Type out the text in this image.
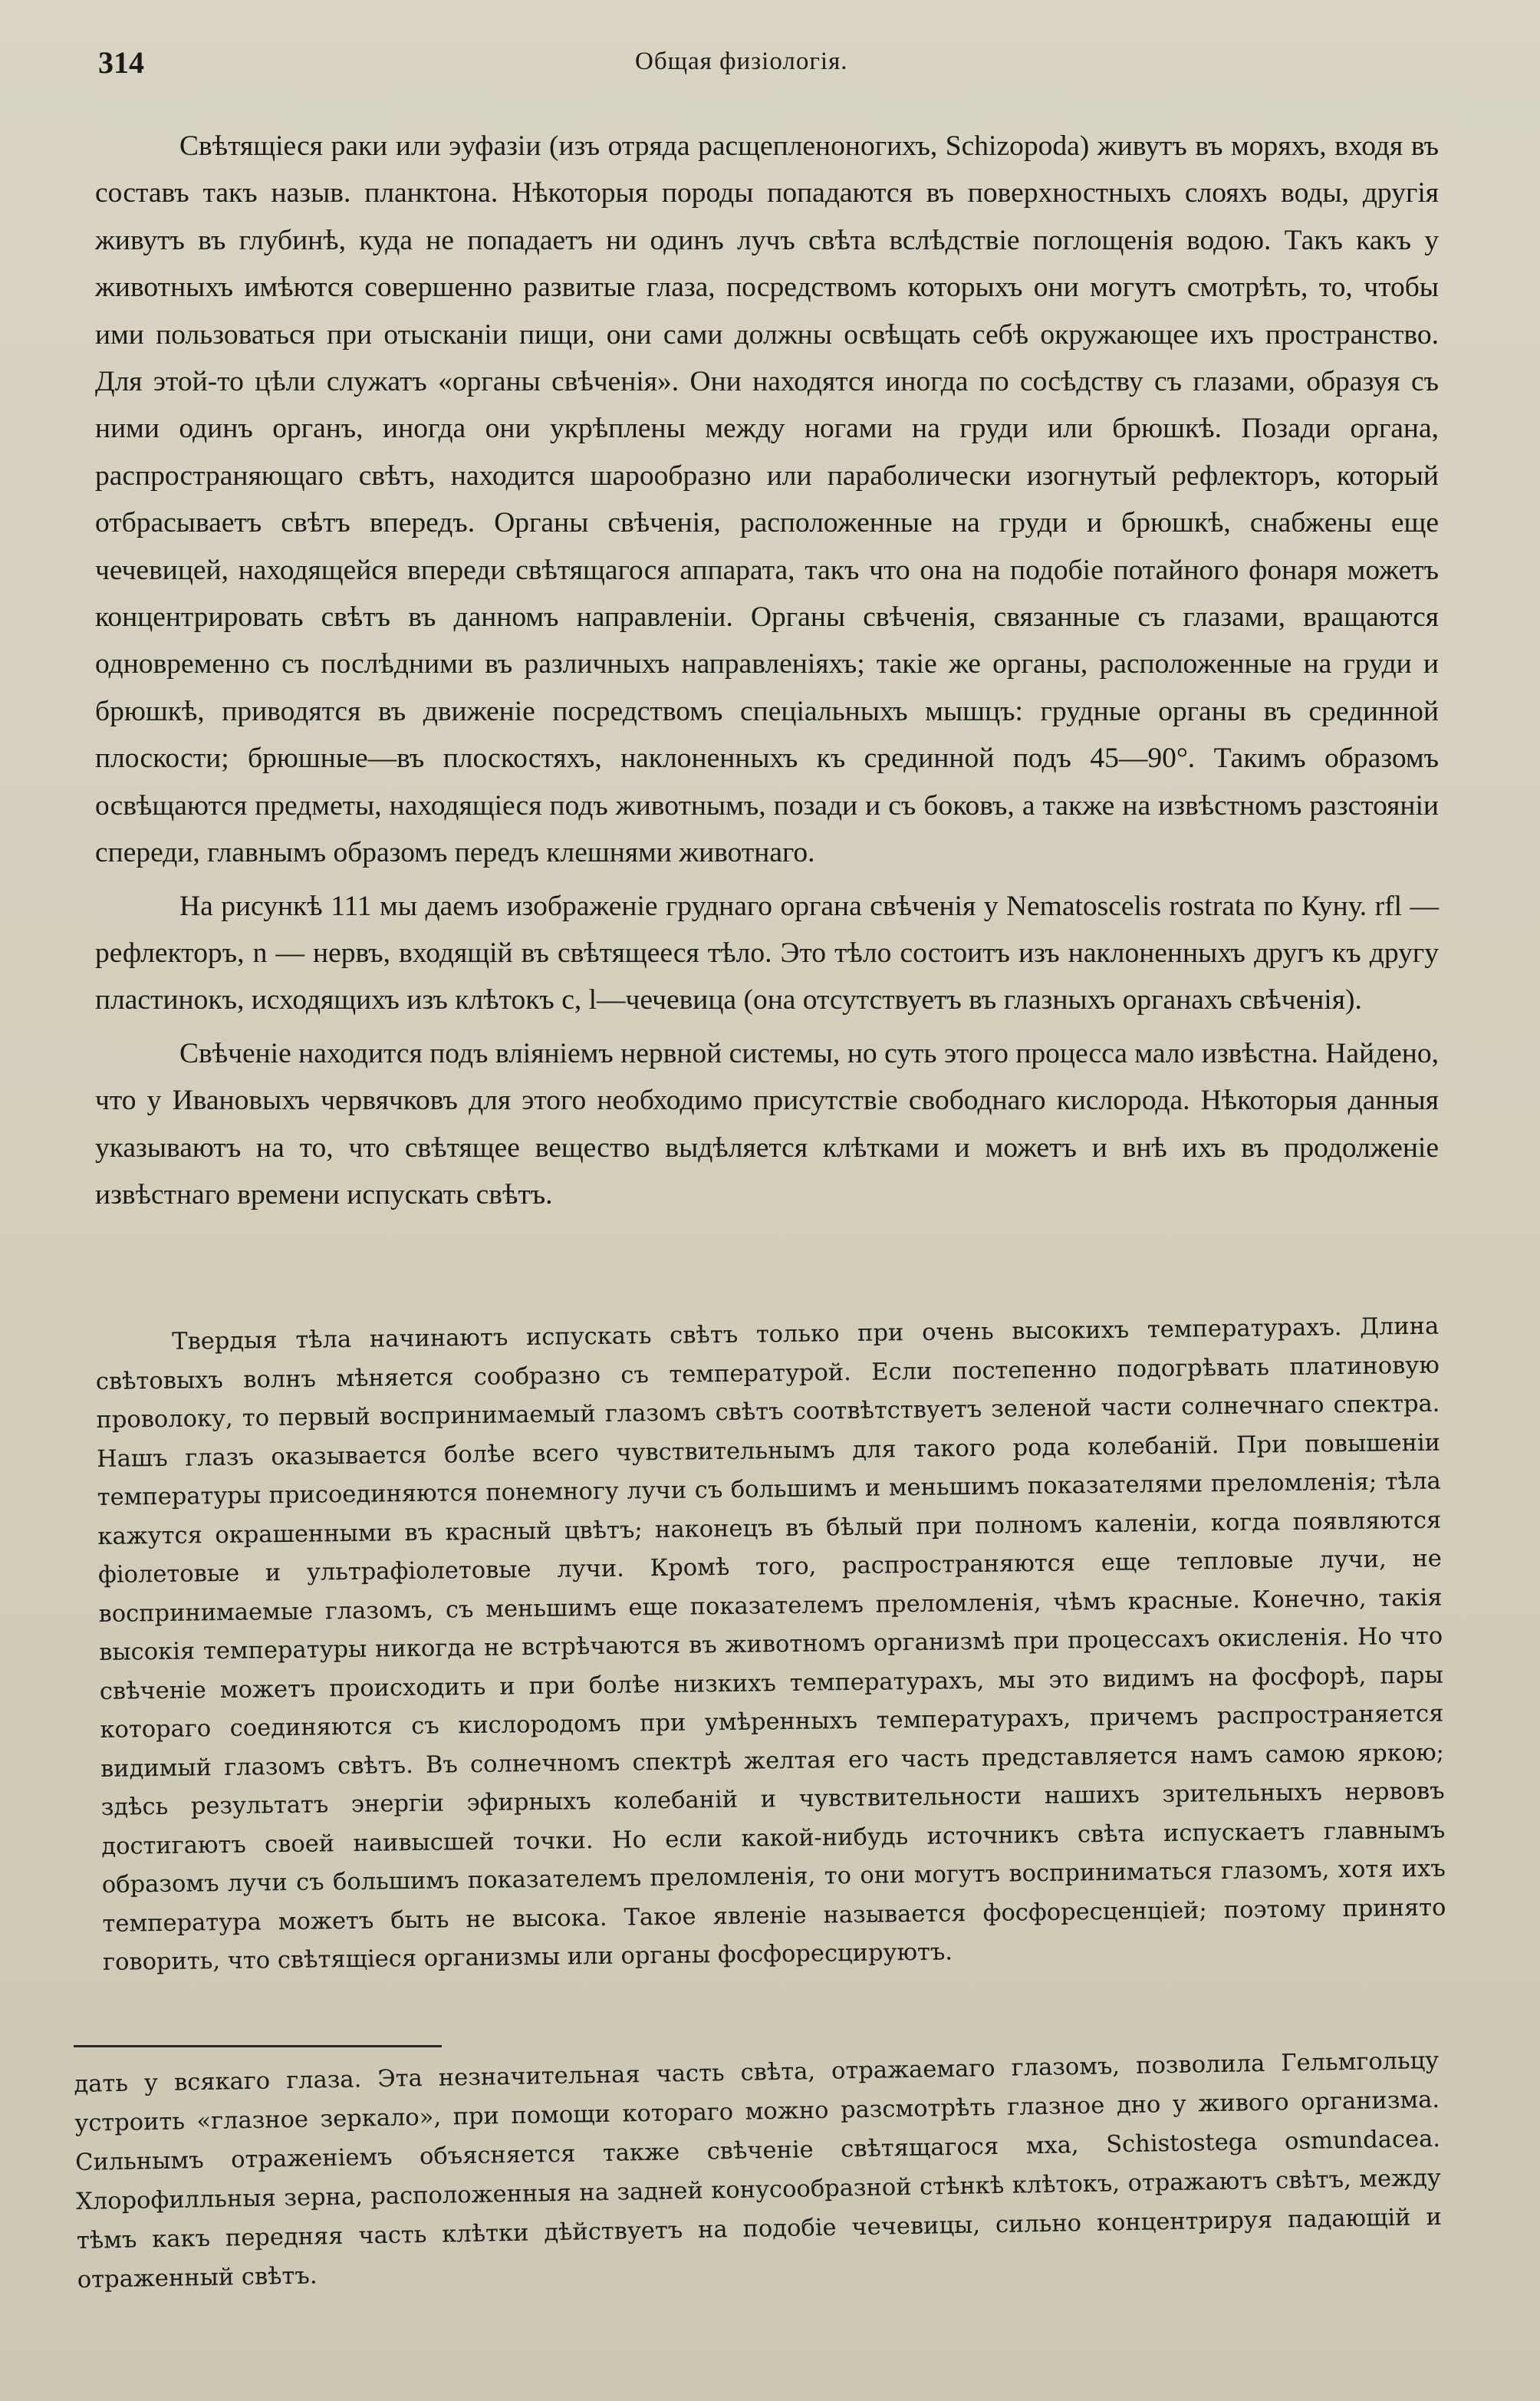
314	Общая физiологiя.

Свѣтящiеся раки или эуфазiи (изъ отряда расщепленоногихъ, Schizopoda) живутъ въ моряхъ, входя въ составъ такъ назыв. планктона. Нѣкоторыя породы попадаются въ поверхностныхъ слояхъ воды, другiя живутъ въ глубинѣ, куда не попадаетъ ни одинъ лучъ свѣта вслѣдствiе поглощенiя водою. Такъ какъ у животныхъ имѣются совершенно развитые глаза, посредствомъ которыхъ они могутъ смотрѣть, то, чтобы ими пользоваться при отысканiи пищи, они сами должны освѣщать себѣ окружающее ихъ пространство. Для этой-то цѣли служатъ «органы свѣченiя». Они находятся иногда по сосѣдству съ глазами, образуя съ ними одинъ органъ, иногда они укрѣплены между ногами на груди или брюшкѣ. Позади органа, распространяющаго свѣтъ, находится шарообразно или параболически изогнутый рефлекторъ, который отбрасываетъ свѣтъ впередъ. Органы свѣченiя, расположенные на груди и брюшкѣ, снабжены еще чечевицей, находящейся впереди свѣтящагося аппарата, такъ что она на подобiе потайного фонаря можетъ концентрировать свѣтъ въ данномъ направленiи. Органы свѣченiя, связанные съ глазами, вращаются одновременно съ послѣдними въ различныхъ направленiяхъ; такiе же органы, расположенные на груди и брюшкѣ, приводятся въ движенiе посредствомъ спецiальныхъ мышцъ: грудные органы въ срединной плоскости; брюшные—въ плоскостяхъ, наклоненныхъ къ срединной подъ 45—90°. Такимъ образомъ освѣщаются предметы, находящiеся подъ животнымъ, позади и съ боковъ, а также на извѣстномъ разстоянiи спереди, главнымъ образомъ передъ клешнями животнаго.

На рисункѣ 111 мы даемъ изображенiе груднаго органа свѣченiя у Nematoscelis rostrata по Куну. rfl — рефлекторъ, n — нервъ, входящiй въ свѣтящееся тѣло. Это тѣло состоитъ изъ наклоненныхъ другъ къ другу пластинокъ, исходящихъ изъ клѣтокъ c, l—чечевица (она отсутствуетъ въ глазныхъ органахъ свѣченiя).

Свѣченiе находится подъ влiянiемъ нервной системы, но суть этого процесса мало извѣстна. Найдено, что у Ивановыхъ червячковъ для этого необходимо присутствiе свободнаго кислорода. Нѣкоторыя данныя указываютъ на то, что свѣтящее вещество выдѣляется клѣтками и можетъ и внѣ ихъ въ продолженiе извѣстнаго времени испускать свѣтъ.

Твердыя тѣла начинаютъ испускать свѣтъ только при очень высокихъ температурахъ. Длина свѣтовыхъ волнъ мѣняется сообразно съ температурой. Если постепенно подогрѣвать платиновую проволоку, то первый воспринимаемый глазомъ свѣтъ соотвѣтствуетъ зеленой части солнечнаго спектра. Нашъ глазъ оказывается болѣе всего чувствительнымъ для такого рода колебанiй. При повышенiи температуры присоединяются понемногу лучи съ большимъ и меньшимъ показателями преломленiя; тѣла кажутся окрашенными въ красный цвѣтъ; наконецъ въ бѣлый при полномъ каленiи, когда появляются фiолетовые и ультрафiолетовые лучи. Кромѣ того, распространяются еще тепловые лучи, не воспринимаемые глазомъ, съ меньшимъ еще показателемъ преломленiя, чѣмъ красные. Конечно, такiя высокiя температуры никогда не встрѣчаются въ животномъ организмѣ при процессахъ окисленiя. Но что свѣченiе можетъ происходить и при болѣе низкихъ температурахъ, мы это видимъ на фосфорѣ, пары котораго соединяются съ кислородомъ при умѣренныхъ температурахъ, причемъ распространяется видимый глазомъ свѣтъ. Въ солнечномъ спектрѣ желтая его часть представляется намъ самою яркою; здѣсь результатъ энергiи эфирныхъ колебанiй и чувствительности нашихъ зрительныхъ нервовъ достигаютъ своей наивысшей точки. Но если какой-нибудь источникъ свѣта испускаетъ главнымъ образомъ лучи съ большимъ показателемъ преломленiя, то они могутъ восприниматься глазомъ, хотя ихъ температура можетъ быть не высока. Такое явленiе называется фосфоресценцiей; поэтому принято говорить, что свѣтящiеся организмы или органы фосфоресцируютъ.

дать у всякаго глаза. Эта незначительная часть свѣта, отражаемаго глазомъ, позволила Гельмгольцу устроить «глазное зеркало», при помощи котораго можно разсмотрѣть глазное дно у живого организма. Сильнымъ отраженiемъ объясняется также свѣченiе свѣтящагося мха, Schistostega osmundacea. Хлорофилльныя зерна, расположенныя на задней конусообразной стѣнкѣ клѣтокъ, отражаютъ свѣтъ, между тѣмъ какъ передняя часть клѣтки дѣйствуетъ на подобiе чечевицы, сильно концентрируя падающiй и отраженный свѣтъ.
